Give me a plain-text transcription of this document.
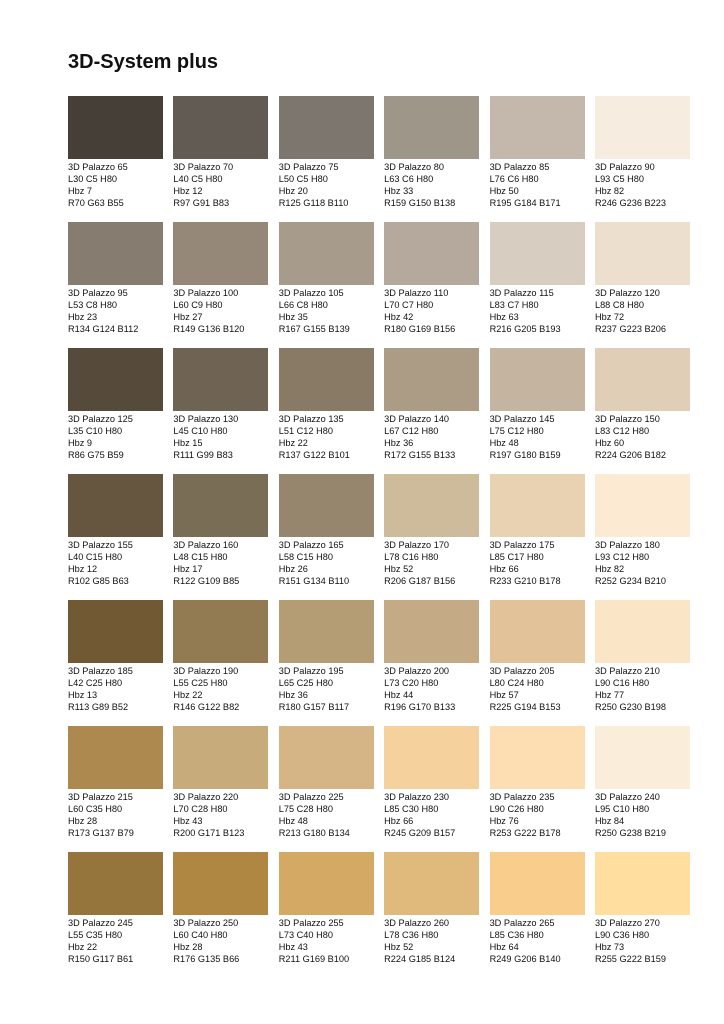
3D-System plus
3D Palazzo 65
L30 C5 H80
Hbz 7
R70 G63 B55
3D Palazzo 70
L40 C5 H80
Hbz 12
R97 G91 B83
3D Palazzo 75
L50 C5 H80
Hbz 20
R125 G118 B110
3D Palazzo 80
L63 C6 H80
Hbz 33
R159 G150 B138
3D Palazzo 85
L76 C6 H80
Hbz 50
R195 G184 B171
3D Palazzo 90
L93 C5 H80
Hbz 82
R246 G236 B223
3D Palazzo 95
L53 C8 H80
Hbz 23
R134 G124 B112
3D Palazzo 100
L60 C9 H80
Hbz 27
R149 G136 B120
3D Palazzo 105
L66 C8 H80
Hbz 35
R167 G155 B139
3D Palazzo 110
L70 C7 H80
Hbz 42
R180 G169 B156
3D Palazzo 115
L83 C7 H80
Hbz 63
R216 G205 B193
3D Palazzo 120
L88 C8 H80
Hbz 72
R237 G223 B206
3D Palazzo 125
L35 C10 H80
Hbz 9
R86 G75 B59
3D Palazzo 130
L45 C10 H80
Hbz 15
R111 G99 B83
3D Palazzo 135
L51 C12 H80
Hbz 22
R137 G122 B101
3D Palazzo 140
L67 C12 H80
Hbz 36
R172 G155 B133
3D Palazzo 145
L75 C12 H80
Hbz 48
R197 G180 B159
3D Palazzo 150
L83 C12 H80
Hbz 60
R224 G206 B182
3D Palazzo 155
L40 C15 H80
Hbz 12
R102 G85 B63
3D Palazzo 160
L48 C15 H80
Hbz 17
R122 G109 B85
3D Palazzo 165
L58 C15 H80
Hbz 26
R151 G134 B110
3D Palazzo 170
L78 C16 H80
Hbz 52
R206 G187 B156
3D Palazzo 175
L85 C17 H80
Hbz 66
R233 G210 B178
3D Palazzo 180
L93 C12 H80
Hbz 82
R252 G234 B210
3D Palazzo 185
L42 C25 H80
Hbz 13
R113 G89 B52
3D Palazzo 190
L55 C25 H80
Hbz 22
R146 G122 B82
3D Palazzo 195
L65 C25 H80
Hbz 36
R180 G157 B117
3D Palazzo 200
L73 C20 H80
Hbz 44
R196 G170 B133
3D Palazzo 205
L80 C24 H80
Hbz 57
R225 G194 B153
3D Palazzo 210
L90 C16 H80
Hbz 77
R250 G230 B198
3D Palazzo 215
L60 C35 H80
Hbz 28
R173 G137 B79
3D Palazzo 220
L70 C28 H80
Hbz 43
R200 G171 B123
3D Palazzo 225
L75 C28 H80
Hbz 48
R213 G180 B134
3D Palazzo 230
L85 C30 H80
Hbz 66
R245 G209 B157
3D Palazzo 235
L90 C26 H80
Hbz 76
R253 G222 B178
3D Palazzo 240
L95 C10 H80
Hbz 84
R250 G238 B219
3D Palazzo 245
L55 C35 H80
Hbz 22
R150 G117 B61
3D Palazzo 250
L60 C40 H80
Hbz 28
R176 G135 B66
3D Palazzo 255
L73 C40 H80
Hbz 43
R211 G169 B100
3D Palazzo 260
L78 C36 H80
Hbz 52
R224 G185 B124
3D Palazzo 265
L85 C36 H80
Hbz 64
R249 G206 B140
3D Palazzo 270
L90 C36 H80
Hbz 73
R255 G222 B159
